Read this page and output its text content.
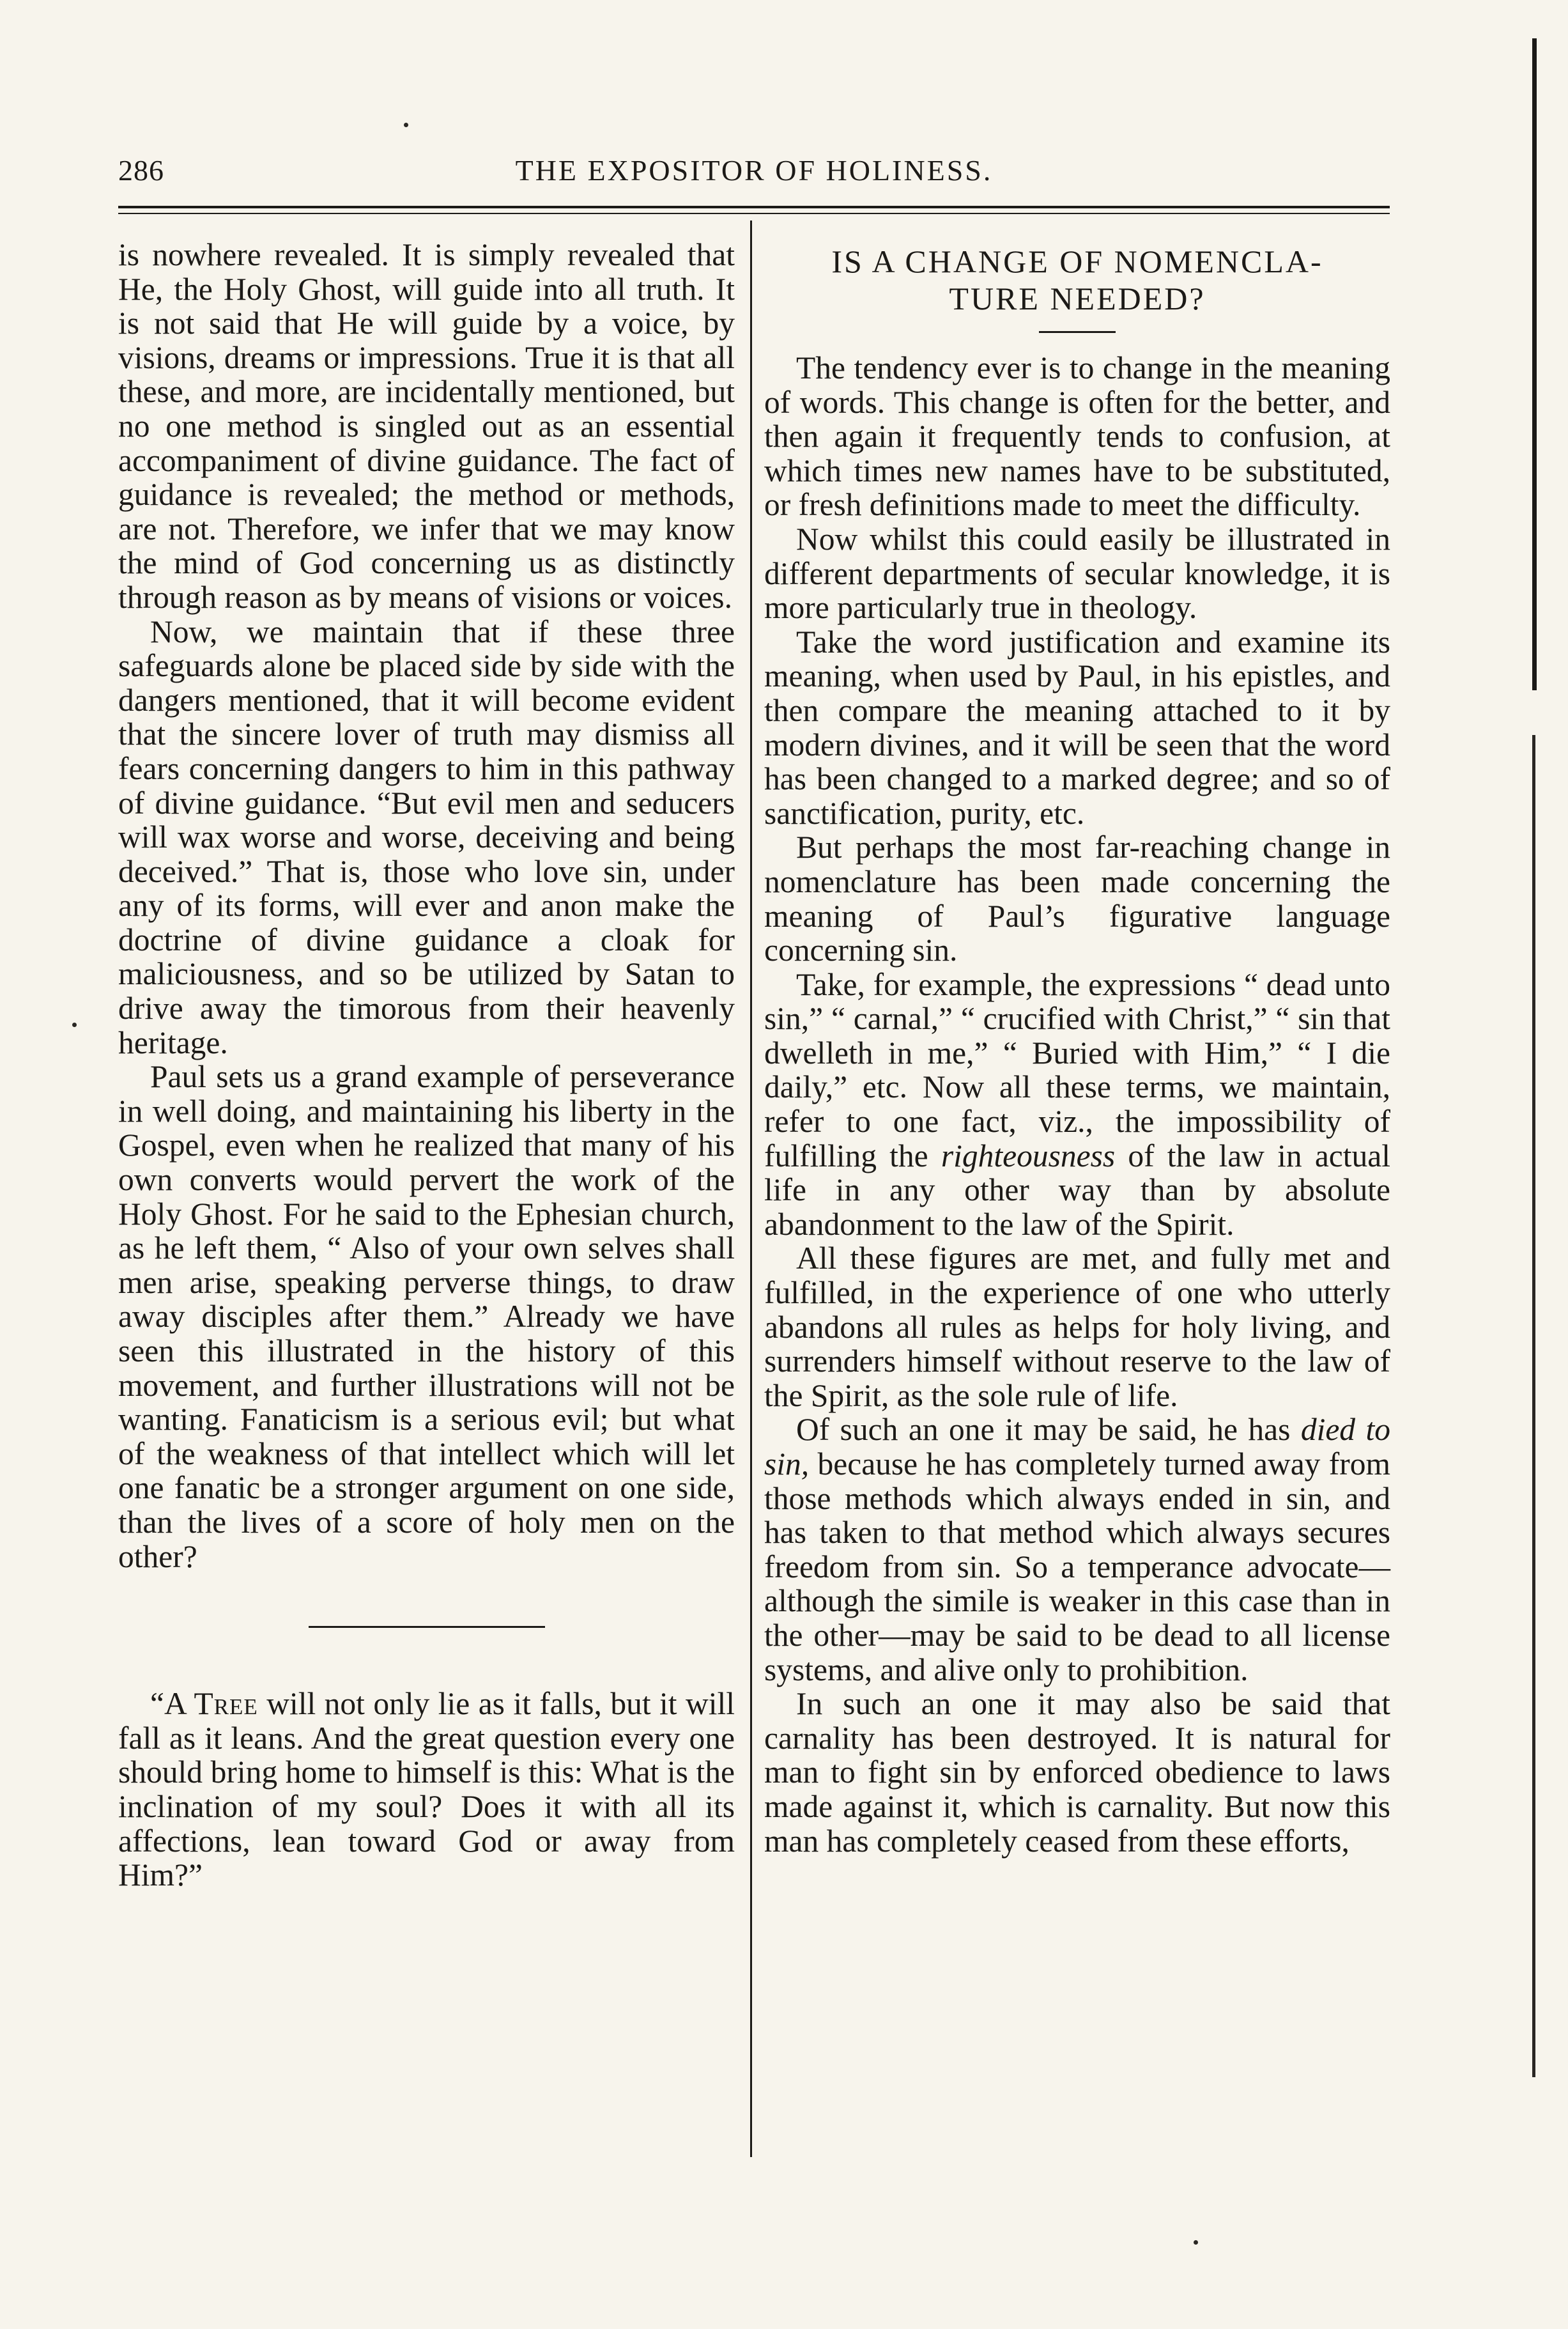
286	THE EXPOSITOR OF HOLINESS.

is nowhere revealed. It is simply revealed that He, the Holy Ghost, will guide into all truth. It is not said that He will guide by a voice, by visions, dreams or impressions. True it is that all these, and more, are incidentally mentioned, but no one method is singled out as an essential accompaniment of divine guidance. The fact of guidance is revealed; the method or methods, are not. Therefore, we infer that we may know the mind of God concerning us as distinctly through reason as by means of visions or voices.

Now, we maintain that if these three safeguards alone be placed side by side with the dangers mentioned, that it will become evident that the sincere lover of truth may dismiss all fears concerning dangers to him in this pathway of divine guidance. “But evil men and seducers will wax worse and worse, deceiving and being deceived.” That is, those who love sin, under any of its forms, will ever and anon make the doctrine of divine guidance a cloak for maliciousness, and so be utilized by Satan to drive away the timorous from their heavenly heritage.

Paul sets us a grand example of perseverance in well doing, and maintaining his liberty in the Gospel, even when he realized that many of his own converts would pervert the work of the Holy Ghost. For he said to the Ephesian church, as he left them, “ Also of your own selves shall men arise, speaking perverse things, to draw away disciples after them.” Already we have seen this illustrated in the history of this movement, and further illustrations will not be wanting. Fanaticism is a serious evil; but what of the weakness of that intellect which will let one fanatic be a stronger argument on one side, than the lives of a score of holy men on the other?

“A Tree will not only lie as it falls, but it will fall as it leans. And the great question every one should bring home to himself is this: What is the inclination of my soul? Does it with all its affections, lean toward God or away from Him?”

IS A CHANGE OF NOMENCLA-
TURE NEEDED?

The tendency ever is to change in the meaning of words. This change is often for the better, and then again it frequently tends to confusion, at which times new names have to be substituted, or fresh definitions made to meet the difficulty.

Now whilst this could easily be illustrated in different departments of secular knowledge, it is more particularly true in theology.

Take the word justification and examine its meaning, when used by Paul, in his epistles, and then compare the meaning attached to it by modern divines, and it will be seen that the word has been changed to a marked degree; and so of sanctification, purity, etc.

But perhaps the most far-reaching change in nomenclature has been made concerning the meaning of Paul’s figurative language concerning sin.

Take, for example, the expressions “ dead unto sin,” “ carnal,” “ crucified with Christ,” “ sin that dwelleth in me,” “ Buried with Him,” “ I die daily,” etc. Now all these terms, we maintain, refer to one fact, viz., the impossibility of fulfilling the righteousness of the law in actual life in any other way than by absolute abandonment to the law of the Spirit.

All these figures are met, and fully met and fulfilled, in the experience of one who utterly abandons all rules as helps for holy living, and surrenders himself without reserve to the law of the Spirit, as the sole rule of life.

Of such an one it may be said, he has died to sin, because he has completely turned away from those methods which always ended in sin, and has taken to that method which always secures freedom from sin. So a temperance advocate—although the simile is weaker in this case than in the other—may be said to be dead to all license systems, and alive only to prohibition.

In such an one it may also be said that carnality has been destroyed. It is natural for man to fight sin by enforced obedience to laws made against it, which is carnality. But now this man has completely ceased from these efforts,
